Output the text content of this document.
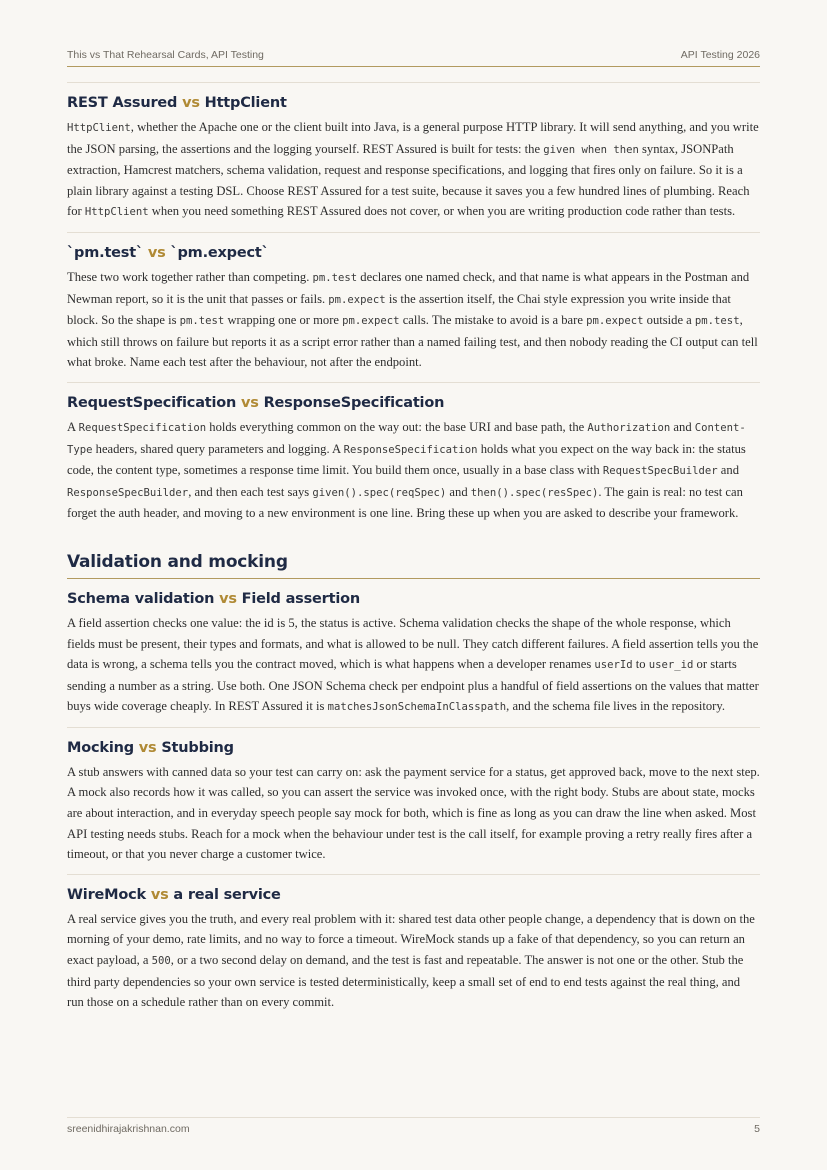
This vs That Rehearsal Cards, API Testing	API Testing 2026
REST Assured vs HttpClient

HttpClient, whether the Apache one or the client built into Java, is a general purpose HTTP library. It will send anything, and you write the JSON parsing, the assertions and the logging yourself. REST Assured is built for tests: the given when then syntax, JSONPath extraction, Hamcrest matchers, schema validation, request and response specifications, and logging that fires only on failure. So it is a plain library against a testing DSL. Choose REST Assured for a test suite, because it saves you a few hundred lines of plumbing. Reach for HttpClient when you need something REST Assured does not cover, or when you are writing production code rather than tests.

`pm.test` vs `pm.expect`

These two work together rather than competing. pm.test declares one named check, and that name is what appears in the Postman and Newman report, so it is the unit that passes or fails. pm.expect is the assertion itself, the Chai style expression you write inside that block. So the shape is pm.test wrapping one or more pm.expect calls. The mistake to avoid is a bare pm.expect outside a pm.test, which still throws on failure but reports it as a script error rather than a named failing test, and then nobody reading the CI output can tell what broke. Name each test after the behaviour, not after the endpoint.

RequestSpecification vs ResponseSpecification

A RequestSpecification holds everything common on the way out: the base URI and base path, the Authorization and Content-Type headers, shared query parameters and logging. A ResponseSpecification holds what you expect on the way back in: the status code, the content type, sometimes a response time limit. You build them once, usually in a base class with RequestSpecBuilder and ResponseSpecBuilder, and then each test says given().spec(reqSpec) and then().spec(resSpec). The gain is real: no test can forget the auth header, and moving to a new environment is one line. Bring these up when you are asked to describe your framework.

Validation and mocking
Schema validation vs Field assertion

A field assertion checks one value: the id is 5, the status is active. Schema validation checks the shape of the whole response, which fields must be present, their types and formats, and what is allowed to be null. They catch different failures. A field assertion tells you the data is wrong, a schema tells you the contract moved, which is what happens when a developer renames userId to user_id or starts sending a number as a string. Use both. One JSON Schema check per endpoint plus a handful of field assertions on the values that matter buys wide coverage cheaply. In REST Assured it is matchesJsonSchemaInClasspath, and the schema file lives in the repository.

Mocking vs Stubbing

A stub answers with canned data so your test can carry on: ask the payment service for a status, get approved back, move to the next step. A mock also records how it was called, so you can assert the service was invoked once, with the right body. Stubs are about state, mocks are about interaction, and in everyday speech people say mock for both, which is fine as long as you can draw the line when asked. Most API testing needs stubs. Reach for a mock when the behaviour under test is the call itself, for example proving a retry really fires after a timeout, or that you never charge a customer twice.

WireMock vs a real service

A real service gives you the truth, and every real problem with it: shared test data other people change, a dependency that is down on the morning of your demo, rate limits, and no way to force a timeout. WireMock stands up a fake of that dependency, so you can return an exact payload, a 500, or a two second delay on demand, and the test is fast and repeatable. The answer is not one or the other. Stub the third party dependencies so your own service is tested deterministically, keep a small set of end to end tests against the real thing, and run those on a schedule rather than on every commit.

sreenidhirajakrishnan.com	5
